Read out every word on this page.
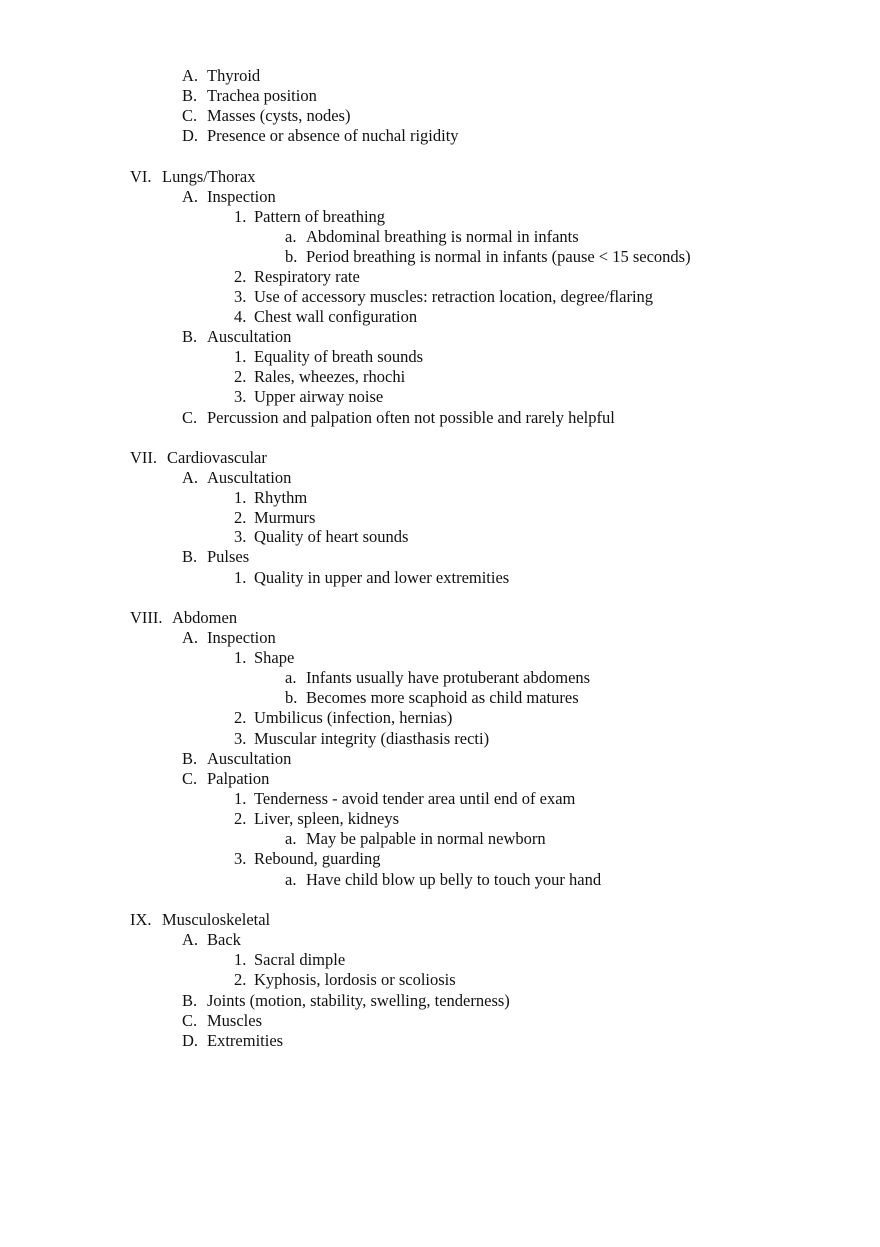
A. Thyroid
B. Trachea position
C. Masses (cysts, nodes)
D. Presence or absence of nuchal rigidity
VI. Lungs/Thorax
A. Inspection
1. Pattern of breathing
a. Abdominal breathing is normal in infants
b. Period breathing is normal in infants (pause < 15 seconds)
2. Respiratory rate
3. Use of accessory muscles: retraction location, degree/flaring
4. Chest wall configuration
B. Auscultation
1. Equality of breath sounds
2. Rales, wheezes, rhochi
3. Upper airway noise
C. Percussion and palpation often not possible and rarely helpful
VII. Cardiovascular
A. Auscultation
1. Rhythm
2. Murmurs
3. Quality of heart sounds
B. Pulses
1. Quality in upper and lower extremities
VIII. Abdomen
A. Inspection
1. Shape
a. Infants usually have protuberant abdomens
b. Becomes more scaphoid as child matures
2. Umbilicus (infection, hernias)
3. Muscular integrity (diasthasis recti)
B. Auscultation
C. Palpation
1. Tenderness - avoid tender area until end of exam
2. Liver, spleen, kidneys
a. May be palpable in normal newborn
3. Rebound, guarding
a. Have child blow up belly to touch your hand
IX. Musculoskeletal
A. Back
1. Sacral dimple
2. Kyphosis, lordosis or scoliosis
B. Joints (motion, stability, swelling, tenderness)
C. Muscles
D. Extremities
